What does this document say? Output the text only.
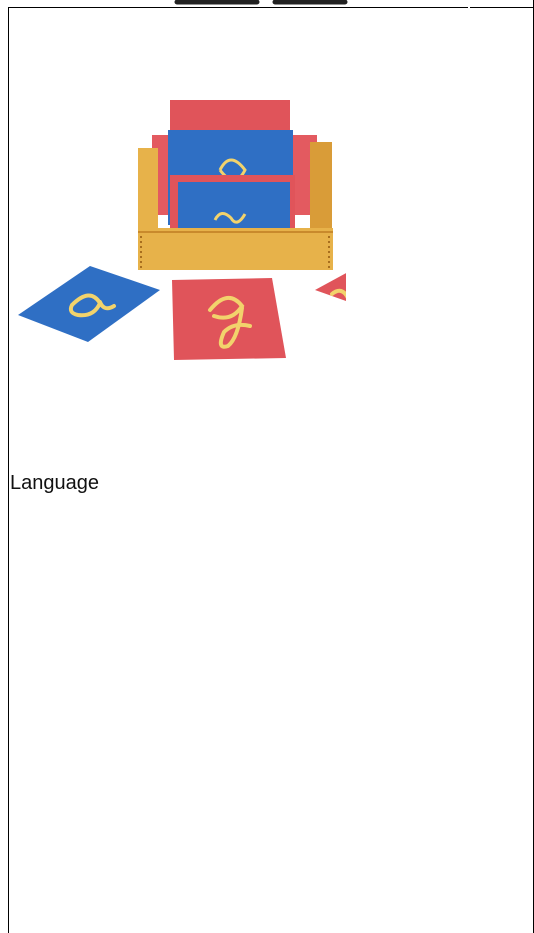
Language
